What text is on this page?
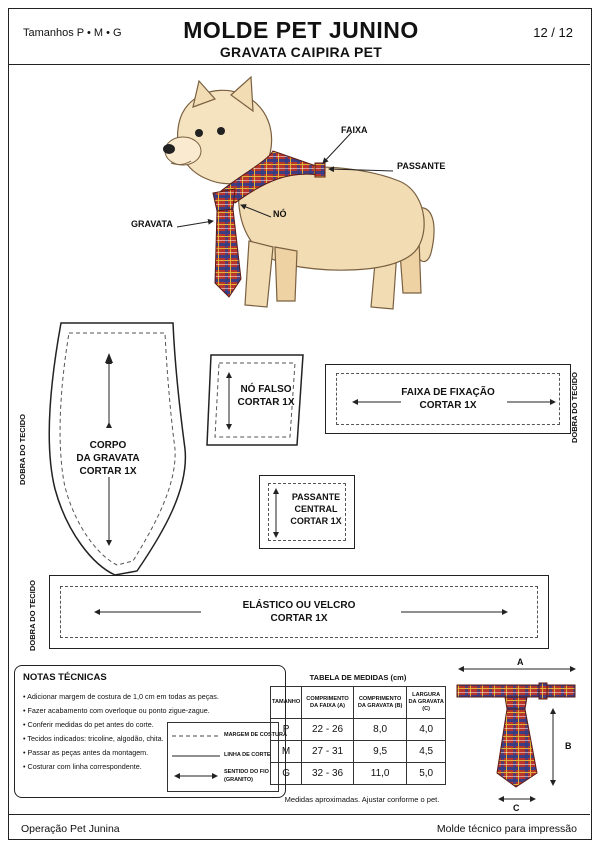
Tamanhos P • M • G	MOLDE PET JUNINO
GRAVATA CAIPIRA PET
12 / 12
FAIXA
PASSANTE
GRAVATA
NÓ
CORPO
DA GRAVATA
CORTAR 1X
DOBRA DO TECIDO
NÓ FALSO
CORTAR 1X
FAIXA DE FIXAÇÃO
CORTAR 1X	DOBRA DO TECIDO
PASSANTE
CENTRAL
CORTAR 1X
ELÁSTICO OU VELCRO
CORTAR 1X
DOBRA DO TECIDO
NOTAS TÉCNICAS
• Adicionar margem de costura de 1,0 cm em todas as peças.
• Fazer acabamento com overloque ou ponto zigue-zague.
• Conferir medidas do pet antes do corte.
• Tecidos indicados: tricoline, algodão, chita.
• Passar as peças antes da montagem.
• Costurar com linha correspondente.
MARGEM DE COSTURA
LINHA DE CORTE
SENTIDO DO FIO
(GRANITO)
TABELA DE MEDIDAS (cm)
TAMANHO	COMPRIMENTO DA FAIXA (A)	COMPRIMENTO DA GRAVATA (B)	LARGURA DA GRAVATA (C)
P	22 - 26	8,0	4,0
M	27 - 31	9,5	4,5
G	32 - 36	11,0	5,0
Medidas aproximadas. Ajustar conforme o pet.
A
B
C
Operação Pet Junina	Molde técnico para impressão
